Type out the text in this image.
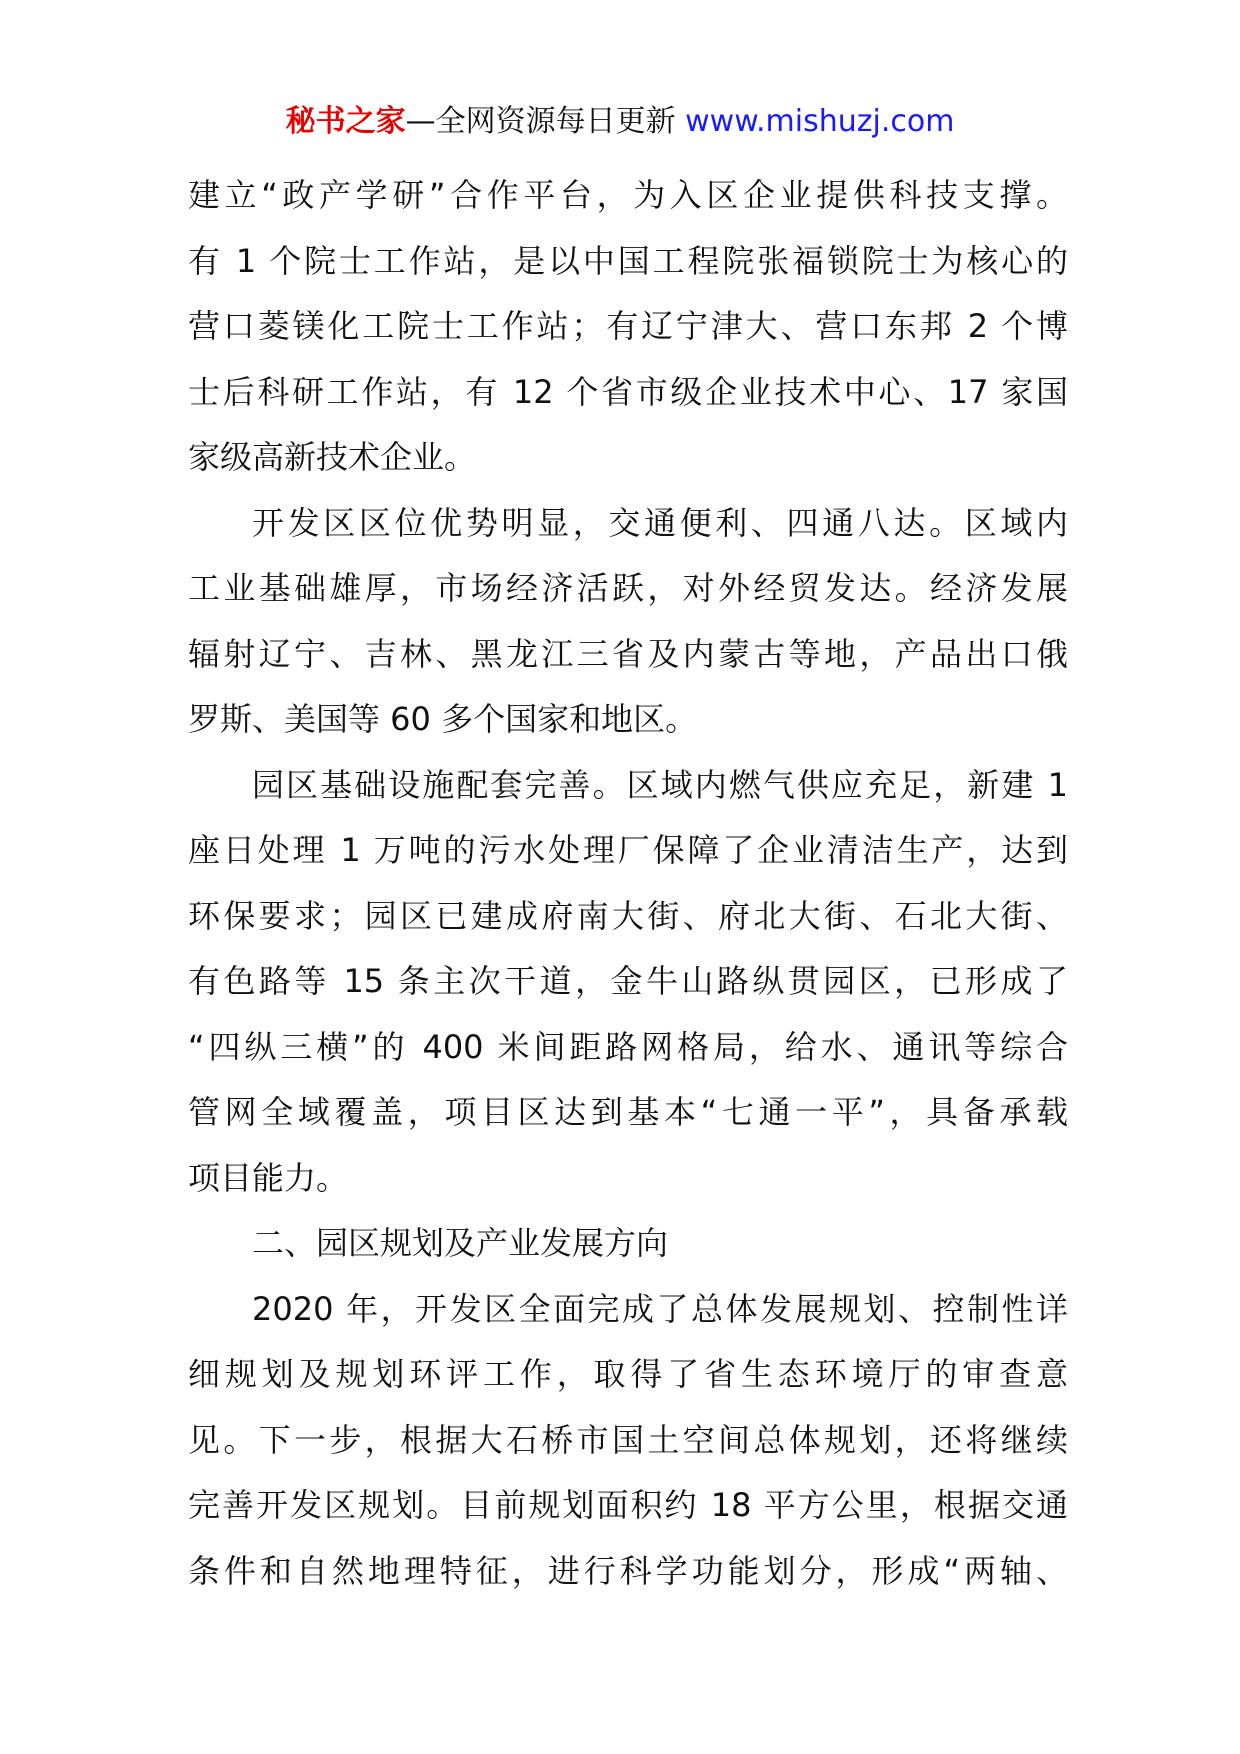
秘书之家—全网资源每日更新 www.mishuzj.com
建立“政产学研”合作平台，为入区企业提供科技支撑。
有 1 个院士工作站，是以中国工程院张福锁院士为核心的
营口菱镁化工院士工作站；有辽宁津大、营口东邦 2 个博
士后科研工作站，有 12 个省市级企业技术中心、17 家国
家级高新技术企业。
开发区区位优势明显，交通便利、四通八达。区域内
工业基础雄厚，市场经济活跃，对外经贸发达。经济发展
辐射辽宁、吉林、黑龙江三省及内蒙古等地，产品出口俄
罗斯、美国等 60 多个国家和地区。
园区基础设施配套完善。区域内燃气供应充足，新建 1
座日处理 1 万吨的污水处理厂保障了企业清洁生产，达到
环保要求；园区已建成府南大街、府北大街、石北大街、
有色路等 15 条主次干道，金牛山路纵贯园区，已形成了
“四纵三横”的 400 米间距路网格局，给水、通讯等综合
管网全域覆盖，项目区达到基本“七通一平”，具备承载
项目能力。
二、园区规划及产业发展方向
2020 年，开发区全面完成了总体发展规划、控制性详
细规划及规划环评工作，取得了省生态环境厅的审查意
见。下一步，根据大石桥市国土空间总体规划，还将继续
完善开发区规划。目前规划面积约 18 平方公里，根据交通
条件和自然地理特征，进行科学功能划分，形成“两轴、
